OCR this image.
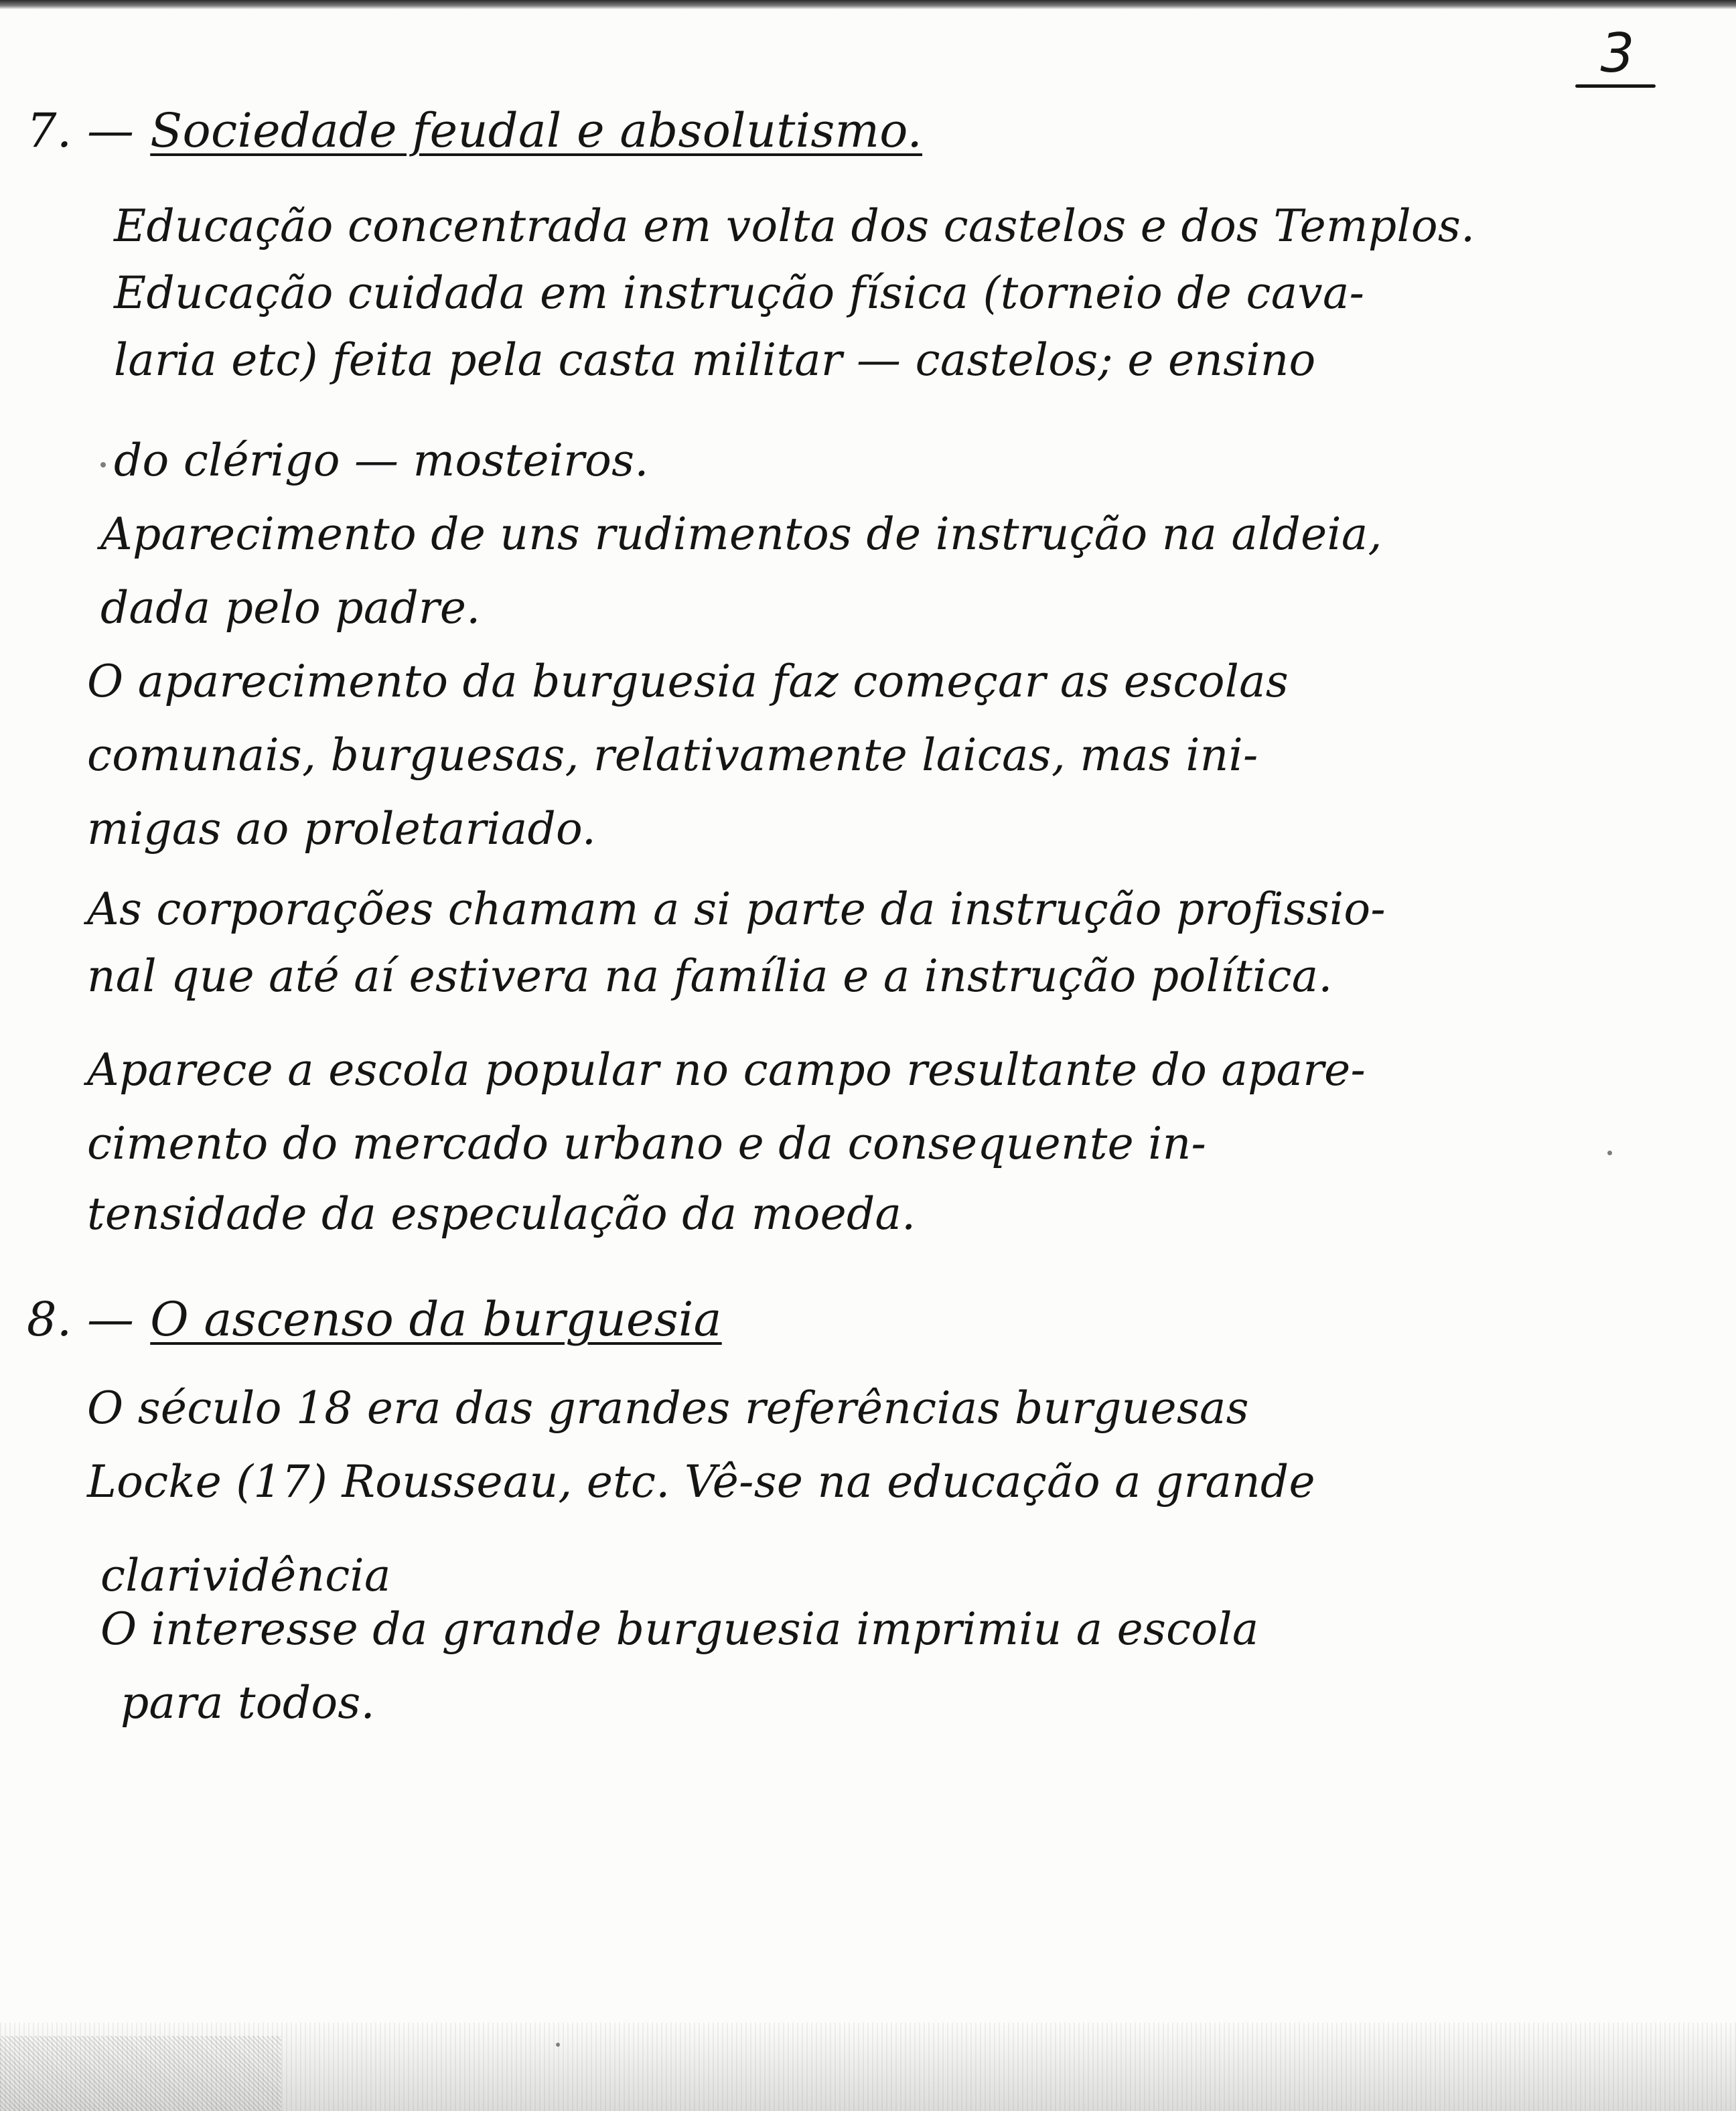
3
7. — Sociedade feudal e absolutismo.
Educação concentrada em volta dos castelos e dos Templos.
Educação cuidada em instrução física (torneio de cava-
laria etc) feita pela casta militar — castelos; e ensino
do clérigo — mosteiros.
Aparecimento de uns rudimentos de instrução na aldeia,
dada pelo padre.
O aparecimento da burguesia faz começar as escolas
comunais, burguesas, relativamente laicas, mas ini-
migas ao proletariado.
As corporações chamam a si parte da instrução profissio-
nal que até aí estivera na família e a instrução política.
Aparece a escola popular no campo resultante do apare-
cimento do mercado urbano e da consequente in-
tensidade da especulação da moeda.
8. — O ascenso da burguesia
O século 18 era das grandes referências burguesas
Locke (17) Rousseau, etc. Vê-se na educação a grande
clarividência
O interesse da grande burguesia imprimiu a escola
para todos.
